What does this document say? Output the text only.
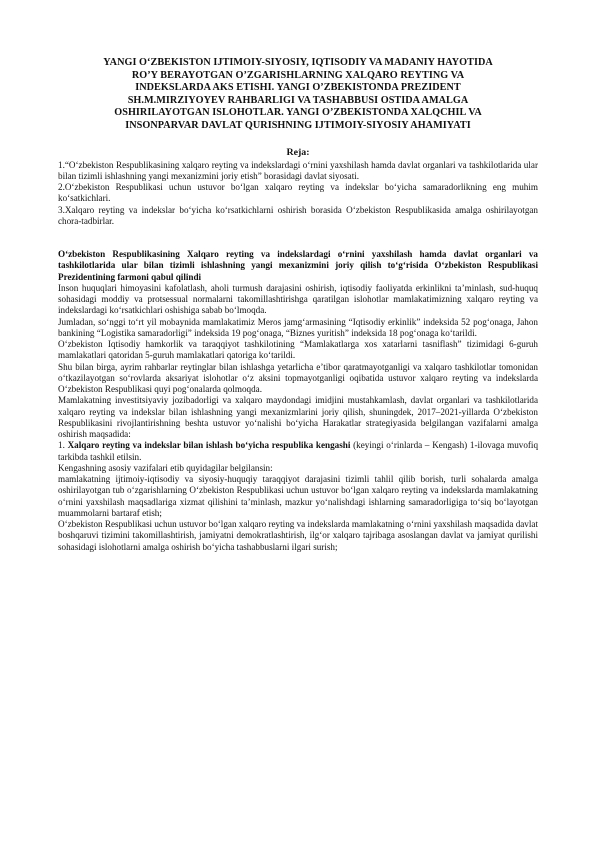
YANGI O‘ZBEKISTON IJTIMOIY-SIYOSIY, IQTISODIY VA MADANIY HAYOTIDA
RO’Y BERAYOTGAN O’ZGARISHLARNING XALQARO REYTING VA
INDEKSLARDA AKS ETISHI. YANGI O’ZBEKISTONDA PREZIDENT
SH.M.MIRZIYOYEV RAHBARLIGI VA TASHABBUSI OSTIDA AMALGA
OSHIRILAYOTGAN ISLOHOTLAR. YANGI O’ZBEKISTONDA XALQCHIL VA
INSONPARVAR DAVLAT QURISHNING IJTIMOIY-SIYOSIY AHAMIYATI
Reja:

1.“O‘zbekiston Respublikasining xalqaro reyting va indekslardagi o‘rnini yaxshilash hamda davlat organlari va tashkilotlarida ular bilan tizimli ishlashning yangi mexanizmini joriy etish” borasidagi davlat siyosati.

2.O‘zbekiston Respublikasi uchun ustuvor bo‘lgan xalqaro reyting va indekslar bo‘yicha samaradorlikning eng muhim ko‘satkichlari.

3.Xalqaro reyting va indekslar bo‘yicha ko‘rsatkichlarni oshirish borasida O‘zbekiston Respublikasida amalga oshirilayotgan chora-tadbirlar.

O‘zbekiston Respublikasining Xalqaro reyting va indekslardagi o‘rnini yaxshilash hamda davlat organlari va tashkilotlarida ular bilan tizimli ishlashning yangi mexanizmini joriy qilish to‘g‘risida O‘zbekiston Respublikasi Prezidentining farmoni qabul qilindi

Inson huquqlari himoyasini kafolatlash, aholi turmush darajasini oshirish, iqtisodiy faoliyatda erkinlikni ta’minlash, sud-huquq sohasidagi moddiy va protsessual normalarni takomillashtirishga qaratilgan islohotlar mamlakatimizning xalqaro reyting va indekslardagi ko‘rsatkichlari oshishiga sabab bo‘lmoqda.

Jumladan, so‘nggi to‘rt yil mobaynida mamlakatimiz Meros jamg‘armasining “Iqtisodiy erkinlik” indeksida 52 pog‘onaga, Jahon bankining “Logistika samaradorligi” indeksida 19 pog‘onaga, “Biznes yuritish” indeksida 18 pog‘onaga ko‘tarildi.

O‘zbekiston Iqtisodiy hamkorlik va taraqqiyot tashkilotining “Mamlakatlarga xos xatarlarni tasniflash” tizimidagi 6-guruh mamlakatlari qatoridan 5-guruh mamlakatlari qatoriga ko‘tarildi.

Shu bilan birga, ayrim rahbarlar reytinglar bilan ishlashga yetarlicha e’tibor qaratmayotganligi va xalqaro tashkilotlar tomonidan o‘tkazilayotgan so‘rovlarda aksariyat islohotlar o‘z aksini topmayotganligi oqibatida ustuvor xalqaro reyting va indekslarda O‘zbekiston Respublikasi quyi pog‘onalarda qolmoqda.

Mamlakatning investitsiyaviy jozibadorligi va xalqaro maydondagi imidjini mustahkamlash, davlat organlari va tashkilotlarida xalqaro reyting va indekslar bilan ishlashning yangi mexanizmlarini joriy qilish, shuningdek, 2017–2021-yillarda O‘zbekiston Respublikasini rivojlantirishning beshta ustuvor yo‘nalishi bo‘yicha Harakatlar strategiyasida belgilangan vazifalarni amalga oshirish maqsadida:

1. Xalqaro reyting va indekslar bilan ishlash bo‘yicha respublika kengashi (keyingi o‘rinlarda – Kengash) 1-ilovaga muvofiq tarkibda tashkil etilsin.

Kengashning asosiy vazifalari etib quyidagilar belgilansin:

mamlakatning ijtimoiy-iqtisodiy va siyosiy-huquqiy taraqqiyot darajasini tizimli tahlil qilib borish, turli sohalarda amalga oshirilayotgan tub o‘zgarishlarning O‘zbekiston Respublikasi uchun ustuvor bo‘lgan xalqaro reyting va indekslarda mamlakatning o‘rnini yaxshilash maqsadlariga xizmat qilishini ta’minlash, mazkur yo‘nalishdagi ishlarning samaradorligiga to‘siq bo‘layotgan muammolarni bartaraf etish;

O‘zbekiston Respublikasi uchun ustuvor bo‘lgan xalqaro reyting va indekslarda mamlakatning o‘rnini yaxshilash maqsadida davlat boshqaruvi tizimini takomillashtirish, jamiyatni demokratlashtirish, ilg‘or xalqaro tajribaga asoslangan davlat va jamiyat qurilishi sohasidagi islohotlarni amalga oshirish bo‘yicha tashabbuslarni ilgari surish;
